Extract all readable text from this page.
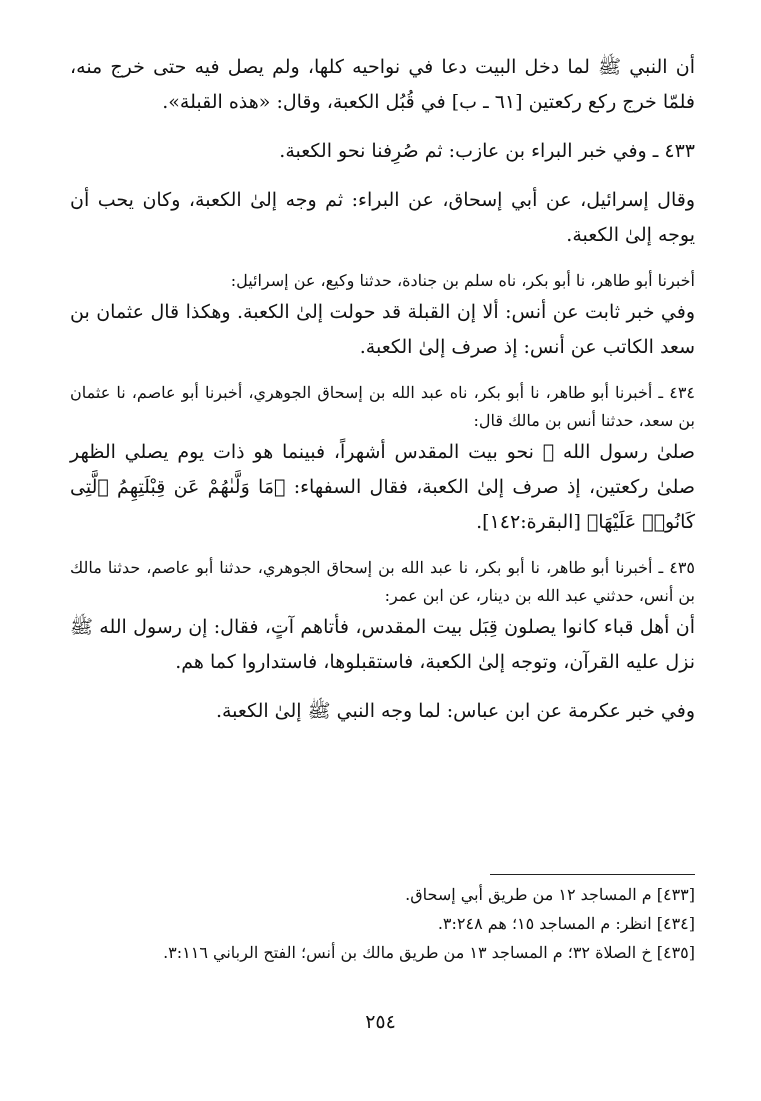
أن النبي ﷺ لما دخل البيت دعا في نواحيه كلها، ولم يصل فيه حتى خرج منه، فلمّا خرج ركع ركعتين [٦١ ـ ب] في قُبُل الكعبة، وقال: «هذه القبلة».

٤٣٣ ـ وفي خبر البراء بن عازب: ثم صُرِفنا نحو الكعبة.

وقال إسرائيل، عن أبي إسحاق، عن البراء: ثم وجه إلىٰ الكعبة، وكان يحب أن يوجه إلىٰ الكعبة.

أخبرنا أبو طاهر، نا أبو بكر، ناه سلم بن جنادة، حدثنا وكيع، عن إسرائيل:

وفي خبر ثابت عن أنس: ألا إن القبلة قد حولت إلىٰ الكعبة. وهكذا قال عثمان بن سعد الكاتب عن أنس: إذ صرف إلىٰ الكعبة.

٤٣٤ ـ أخبرنا أبو طاهر، نا أبو بكر، ناه عبد الله بن إسحاق الجوهري، أخبرنا أبو عاصم، نا عثمان بن سعد، حدثنا أنس بن مالك قال:

صلىٰ رسول الله ﷺ نحو بيت المقدس أشهراً، فبينما هو ذات يوم يصلي الظهر صلىٰ ركعتين، إذ صرف إلىٰ الكعبة، فقال السفهاء: ﴿مَا وَلَّىٰهُمْ عَن قِبْلَتِهِمُ ٱلَّتِى كَانُوا۟ عَلَيْهَا﴾ [البقرة:١٤٢].

٤٣٥ ـ أخبرنا أبو طاهر، نا أبو بكر، نا عبد الله بن إسحاق الجوهري، حدثنا أبو عاصم، حدثنا مالك بن أنس، حدثني عبد الله بن دينار، عن ابن عمر:

أن أهل قباء كانوا يصلون قِبَل بيت المقدس، فأتاهم آتٍ، فقال: إن رسول الله ﷺ نزل عليه القرآن، وتوجه إلىٰ الكعبة، فاستقبلوها، فاستداروا كما هم.

وفي خبر عكرمة عن ابن عباس: لما وجه النبي ﷺ إلىٰ الكعبة.

[٤٣٣] م المساجد ١٢ من طريق أبي إسحاق.

[٤٣٤] انظر: م المساجد ١٥؛ هم ٣:٢٤٨.

[٤٣٥] خ الصلاة ٣٢؛ م المساجد ١٣ من طريق مالك بن أنس؛ الفتح الرباني ٣:١١٦.

٢٥٤
